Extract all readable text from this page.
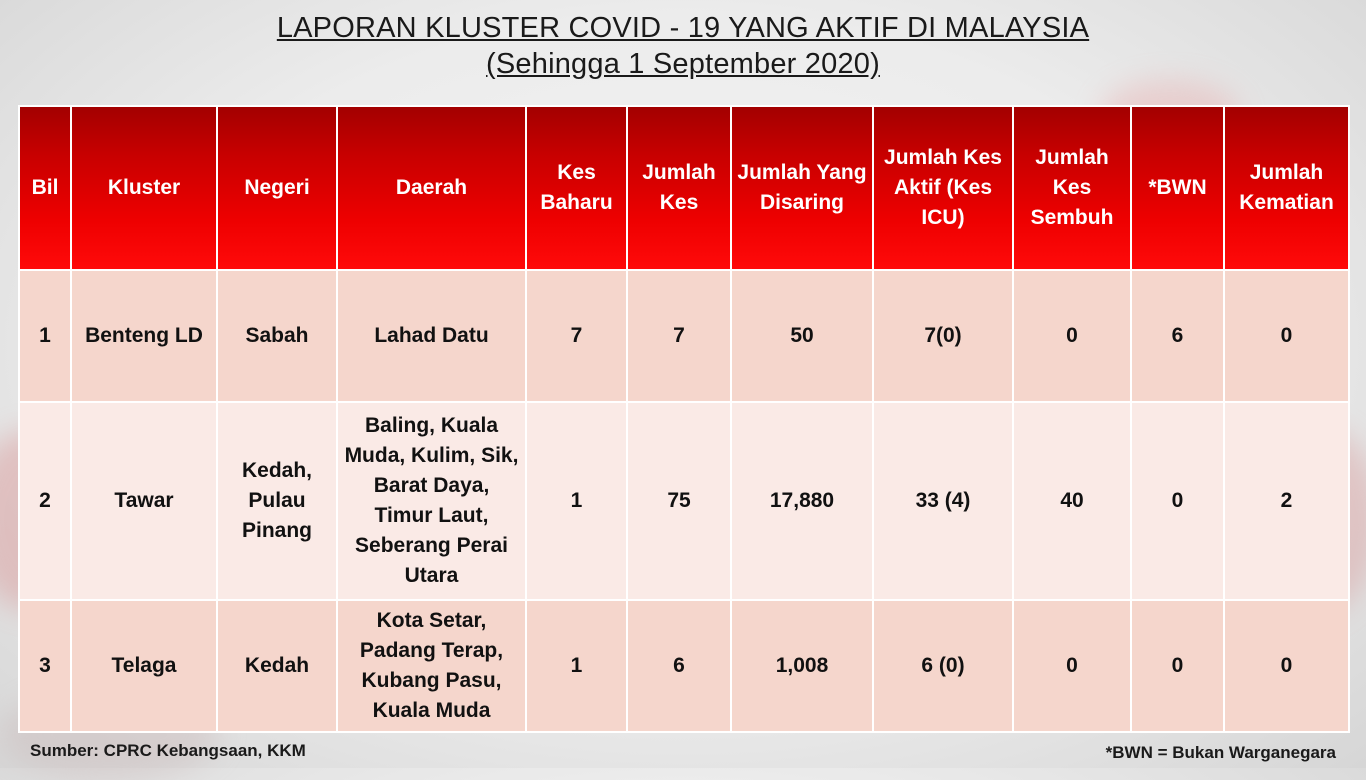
LAPORAN KLUSTER COVID - 19 YANG AKTIF DI MALAYSIA
(Sehingga 1 September 2020)
Bil	Kluster	Negeri	Daerah	Kes Baharu	Jumlah Kes	Jumlah Yang Disaring	Jumlah Kes Aktif (Kes ICU)	Jumlah Kes Sembuh	*BWN	Jumlah Kematian
1	Benteng LD	Sabah	Lahad Datu	7	7	50	7(0)	0	6	0
2	Tawar	Kedah, Pulau Pinang	Baling, Kuala Muda, Kulim, Sik, Barat Daya, Timur Laut, Seberang Perai Utara	1	75	17,880	33 (4)	40	0	2
3	Telaga	Kedah	Kota Setar, Padang Terap, Kubang Pasu, Kuala Muda	1	6	1,008	6 (0)	0	0	0
Sumber: CPRC Kebangsaan, KKM	*BWN = Bukan Warganegara
